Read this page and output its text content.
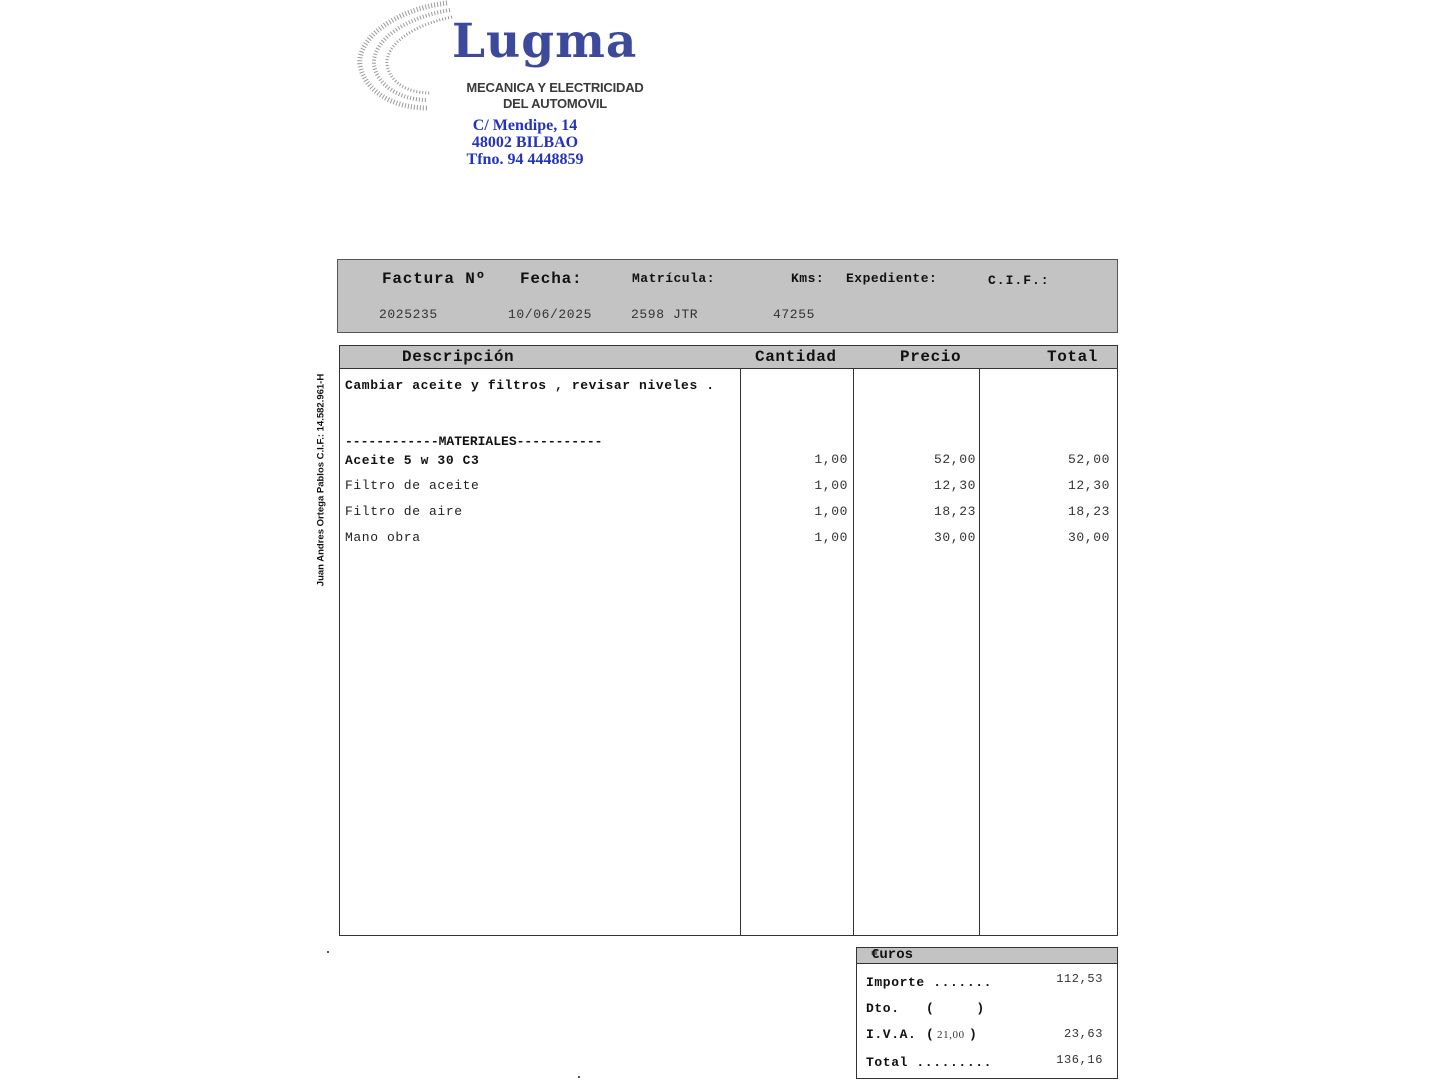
Lugma
MECANICA Y ELECTRICIDAD
DEL AUTOMOVIL
C/ Mendipe, 14
48002 BILBAO
Tfno. 94 4448859
Factura Nº Fecha:	Matrícula:	Kms: Expediente:	C.I.F.:
2025235	10/06/2025	2598 JTR	47255
Juan Andres Ortega Pablos C.I.F.: 14.582.961-H
Descripción	Cantidad	Precio	Total
Cambiar aceite y filtros , revisar niveles .
------------MATERIALES-----------
Aceite 5 w 30 C3	1,00	52,00	52,00
Filtro de aceite	1,00	12,30	12,30
Filtro de aire	1,00	18,23	18,23
Mano obra	1,00	30,00	30,00
€uros
Importe .......	112,53
Dto. (     )
I.V.A. ( 21,00 )	23,63
Total .........	136,16
